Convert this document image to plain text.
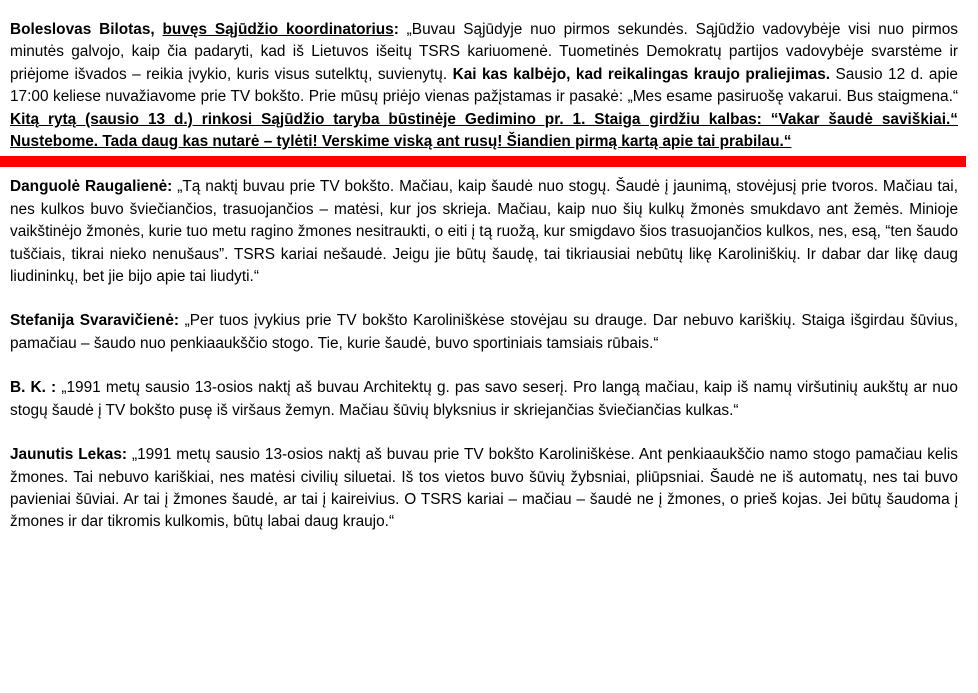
Boleslovas Bilotas, buvęs Sąjūdžio koordinatorius: „Buvau Sąjūdyje nuo pirmos sekundės. Sąjūdžio vadovybėje visi nuo pirmos minutės galvojo, kaip čia padaryti, kad iš Lietuvos išeitų TSRS kariuomenė. Tuometinės Demokratų partijos vadovybėje svarstėme ir priėjome išvados – reikia įvykio, kuris visus sutelktų, suvienytų. Kai kas kalbėjo, kad reikalingas kraujo praliejimas. Sausio 12 d. apie 17:00 keliese nuvažiavome prie TV bokšto. Prie mūsų priėjo vienas pažįstamas ir pasakė: „Mes esame pasiruošę vakarui. Bus staigmena.“ Kitą rytą (sausio 13 d.) rinkosi Sąjūdžio taryba būstinėje Gedimino pr. 1. Staiga girdžiu kalbas: “Vakar šaudė saviškiai.“ Nustebome. Tada daug kas nutarė – tylėti! Verskime viską ant rusų! Šiandien pirmą kartą apie tai prabilau.“

Danguolė Raugalienė: „Tą naktį buvau prie TV bokšto. Mačiau, kaip šaudė nuo stogų. Šaudė į jaunimą, stovėjusį prie tvoros. Mačiau tai, nes kulkos buvo šviečiančios, trasuojančios – matėsi, kur jos skrieja. Mačiau, kaip nuo šių kulkų žmonės smukdavo ant žemės. Minioje vaikštinėjo žmonės, kurie tuo metu ragino žmones nesitraukti, o eiti į tą ruožą, kur smigdavo šios trasuojančios kulkos, nes, esą, “ten šaudo tuščiais, tikrai nieko nenušaus”. TSRS kariai nešaudė. Jeigu jie būtų šaudę, tai tikriausiai nebūtų likę Karoliniškių. Ir dabar dar likę daug liudininkų, bet jie bijo apie tai liudyti.“

Stefanija Svaravičienė: „Per tuos įvykius prie TV bokšto Karoliniškėse stovėjau su drauge. Dar nebuvo kariškių. Staiga išgirdau šūvius, pamačiau – šaudo nuo penkiaaukščio stogo. Tie, kurie šaudė, buvo sportiniais tamsiais rūbais.“

B. K. : „1991 metų sausio 13-osios naktį aš buvau Architektų g. pas savo seserį. Pro langą mačiau, kaip iš namų viršutinių aukštų ar nuo stogų šaudė į TV bokšto pusę iš viršaus žemyn. Mačiau šūvių blyksnius ir skriejančias šviečiančias kulkas.“

Jaunutis Lekas: „1991 metų sausio 13-osios naktį aš buvau prie TV bokšto Karoliniškėse. Ant penkiaaukščio namo stogo pamačiau kelis žmones. Tai nebuvo kariškiai, nes matėsi civilių siluetai. Iš tos vietos buvo šūvių žybsniai, pliūpsniai. Šaudė ne iš automatų, nes tai buvo pavieniai šūviai. Ar tai į žmones šaudė, ar tai į kaireivius. O TSRS kariai – mačiau – šaudė ne į žmones, o prieš kojas. Jei būtų šaudoma į žmones ir dar tikromis kulkomis, būtų labai daug kraujo.“
